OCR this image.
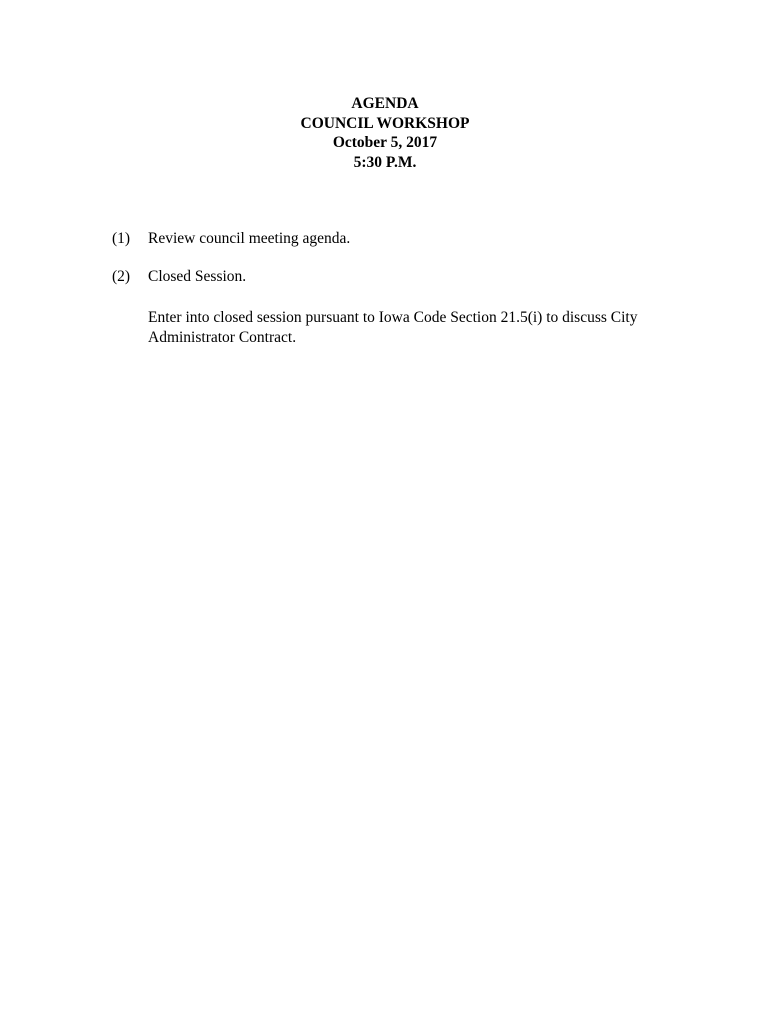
AGENDA
COUNCIL WORKSHOP
October 5, 2017
5:30 P.M.
(1) Review council meeting agenda.
(2) Closed Session.
Enter into closed session pursuant to Iowa Code Section 21.5(i) to discuss City
Administrator Contract.
